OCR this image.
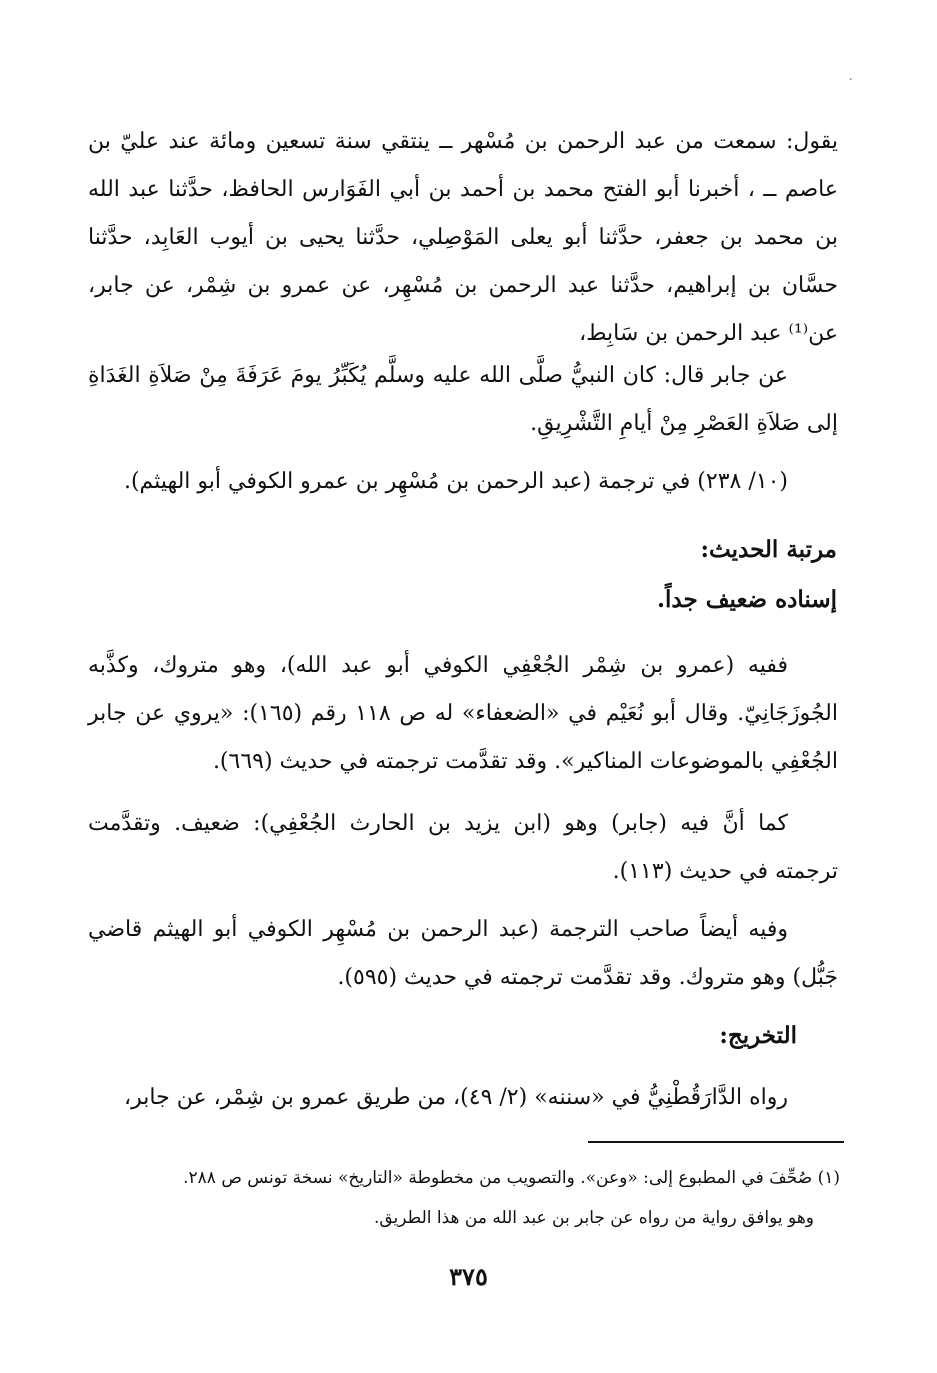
.
يقول: سمعت من عبد الرحمن بن مُسْهر ــ ينتقي سنة تسعين ومائة عند عليّ بن عاصم ــ ، أخبرنا أبو الفتح محمد بن أحمد بن أبي الفَوَارس الحافظ، حدَّثنا عبد الله بن محمد بن جعفر، حدَّثنا أبو يعلى المَوْصِلي، حدَّثنا يحيى بن أيوب العَابِد، حدَّثنا حسَّان بن إبراهيم، حدَّثنا عبد الرحمن بن مُسْهِر، عن عمرو بن شِمْر، عن جابر، عن⁽¹⁾ عبد الرحمن بن سَابِط،
عن جابر قال: كان النبيُّ صلَّى الله عليه وسلَّم يُكَبِّرُ يومَ عَرَفَةَ مِنْ صَلاَةِ الغَدَاةِ إلى صَلاَةِ العَصْرِ مِنْ أيامِ التَّشْرِيقِ.
(١٠/ ٢٣٨) في ترجمة (عبد الرحمن بن مُسْهِر بن عمرو الكوفي أبو الهيثم).
مرتبة الحديث:
إسناده ضعيف جداً.
ففيه (عمرو بن شِمْر الجُعْفِي الكوفي أبو عبد الله)، وهو متروك، وكذَّبه الجُوزَجَانِيّ. وقال أبو نُعَيْم في «الضعفاء» له ص ١١٨ رقم (١٦٥): «يروي عن جابر الجُعْفِي بالموضوعات المناكير». وقد تقدَّمت ترجمته في حديث (٦٦٩).
كما أنَّ فيه (جابر) وهو (ابن يزيد بن الحارث الجُعْفِي): ضعيف. وتقدَّمت ترجمته في حديث (١١٣).
وفيه أيضاً صاحب الترجمة (عبد الرحمن بن مُسْهِر الكوفي أبو الهيثم قاضي جَبُّل) وهو متروك. وقد تقدَّمت ترجمته في حديث (٥٩٥).
التخريج:
رواه الدَّارَقُطْنِيُّ في «سننه» (٢/ ٤٩)، من طريق عمرو بن شِمْر، عن جابر،
(١) صُحِّفَ في المطبوع إلى: «وعن». والتصويب من مخطوطة «التاريخ» نسخة تونس ص ٢٨٨.
وهو يوافق رواية من رواه عن جابر بن عبد الله من هذا الطريق.
٣٧٥
